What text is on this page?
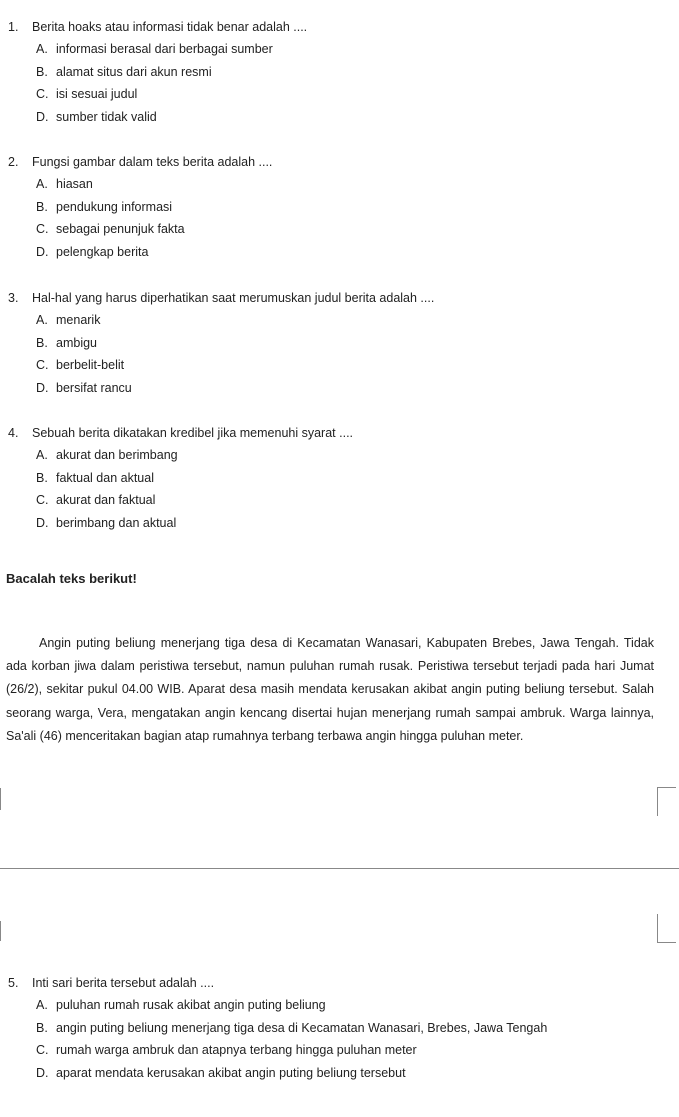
1.	Berita hoaks atau informasi tidak benar adalah ....
A. informasi berasal dari berbagai sumber
B. alamat situs dari akun resmi
C. isi sesuai judul
D. sumber tidak valid
2.	Fungsi gambar dalam teks berita adalah ....
A. hiasan
B. pendukung informasi
C. sebagai penunjuk fakta
D. pelengkap berita
3.	Hal-hal yang harus diperhatikan saat merumuskan judul berita adalah ....
A. menarik
B. ambigu
C. berbelit-belit
D. bersifat rancu
4.	Sebuah berita dikatakan kredibel jika memenuhi syarat ....
A. akurat dan berimbang
B. faktual dan aktual
C. akurat dan faktual
D. berimbang dan aktual
Bacalah teks berikut!

Angin puting beliung menerjang tiga desa di Kecamatan Wanasari, Kabupaten Brebes, Jawa Tengah. Tidak ada korban jiwa dalam peristiwa tersebut, namun puluhan rumah rusak. Peristiwa tersebut terjadi pada hari Jumat (26/2), sekitar pukul 04.00 WIB. Aparat desa masih mendata kerusakan akibat angin puting beliung tersebut. Salah seorang warga, Vera, mengatakan angin kencang disertai hujan menerjang rumah sampai ambruk. Warga lainnya, Sa'ali (46) menceritakan bagian atap rumahnya terbang terbawa angin hingga puluhan meter.

5.	Inti sari berita tersebut adalah ....
A. puluhan rumah rusak akibat angin puting beliung
B. angin puting beliung menerjang tiga desa di Kecamatan Wanasari, Brebes, Jawa Tengah
C. rumah warga ambruk dan atapnya terbang hingga puluhan meter
D. aparat mendata kerusakan akibat angin puting beliung tersebut
